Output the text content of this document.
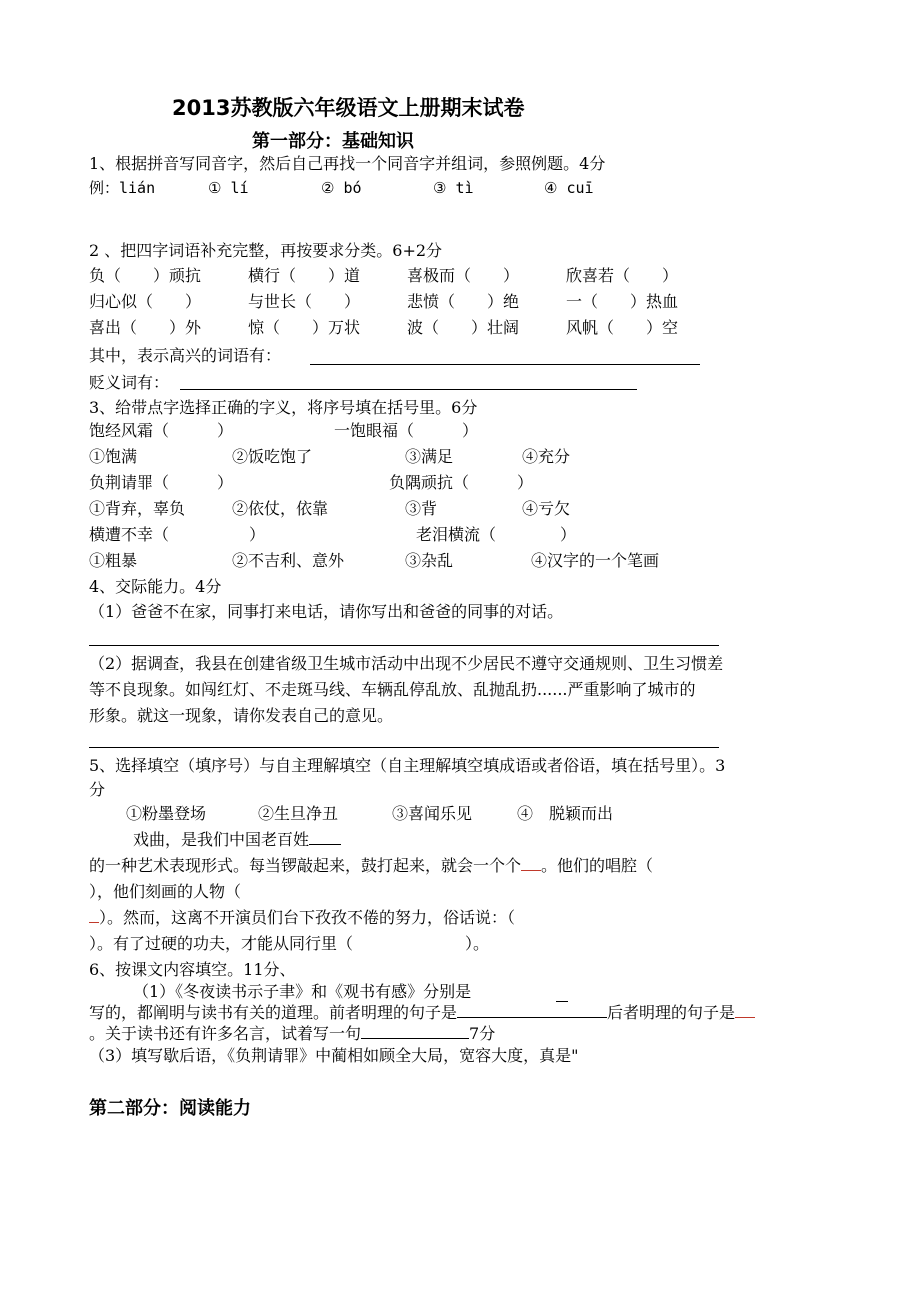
2013苏教版六年级语文上册期末试卷
第一部分：基础知识
1、根据拼音写同音字，然后自己再找一个同音字并组词，参照例题。4分
例：lián	① lí	② bó	③ tì	④ cuī
2 、把四字词语补充完整，再按要求分类。6+2分
负（　　）顽抗	横行（　　）道	喜极而（　　）	欣喜若（　　）
归心似（　　）	与世长（　　）	悲愤（　　）绝	一（　　）热血
喜出（　　）外	惊（　　）万状	波（　　）壮阔	风帆（　　）空
其中，表示高兴的词语有：
贬义词有：
3、给带点字选择正确的字义，将序号填在括号里。6分
饱经风霜（　　　）	一饱眼福（　　　）
①饱满	②饭吃饱了	③满足	④充分
负荆请罪（　　　）	负隅顽抗（　　　）
①背弃，辜负	②依仗，依靠	③背	④亏欠
横遭不幸（　　　　　）	老泪横流（　　　　）
①粗暴	②不吉利、意外	③杂乱	④汉字的一个笔画
4、交际能力。4分
（1）爸爸不在家，同事打来电话，请你写出和爸爸的同事的对话。
（2）据调查，我县在创建省级卫生城市活动中出现不少居民不遵守交通规则、卫生习惯差
等不良现象。如闯红灯、不走斑马线、车辆乱停乱放、乱抛乱扔......严重影响了城市的
形象。就这一现象，请你发表自己的意见。
5、选择填空（填序号）与自主理解填空（自主理解填空填成语或者俗语，填在括号里）。3
分
①粉墨登场	②生旦净丑	③喜闻乐见	④　脱颖而出
戏曲，是我们中国老百姓
的一种艺术表现形式。每当锣敲起来，鼓打起来，就会一个个 。他们的唱腔（
），他们刻画的人物（
）。然而，这离不开演员们台下孜孜不倦的努力，俗话说：（
）。有了过硬的功夫，才能从同行里（　　　　　　　）。
6、按课文内容填空。11分、
（1）《冬夜读书示子聿》和《观书有感》分别是
写的，都阐明与读书有关的道理。前者明理的句子是	后者明理的句子是
。关于读书还有许多名言，试着写一句	7分
（3）填写歇后语，《负荆请罪》中蔺相如顾全大局，宽容大度，真是"
第二部分：阅读能力
